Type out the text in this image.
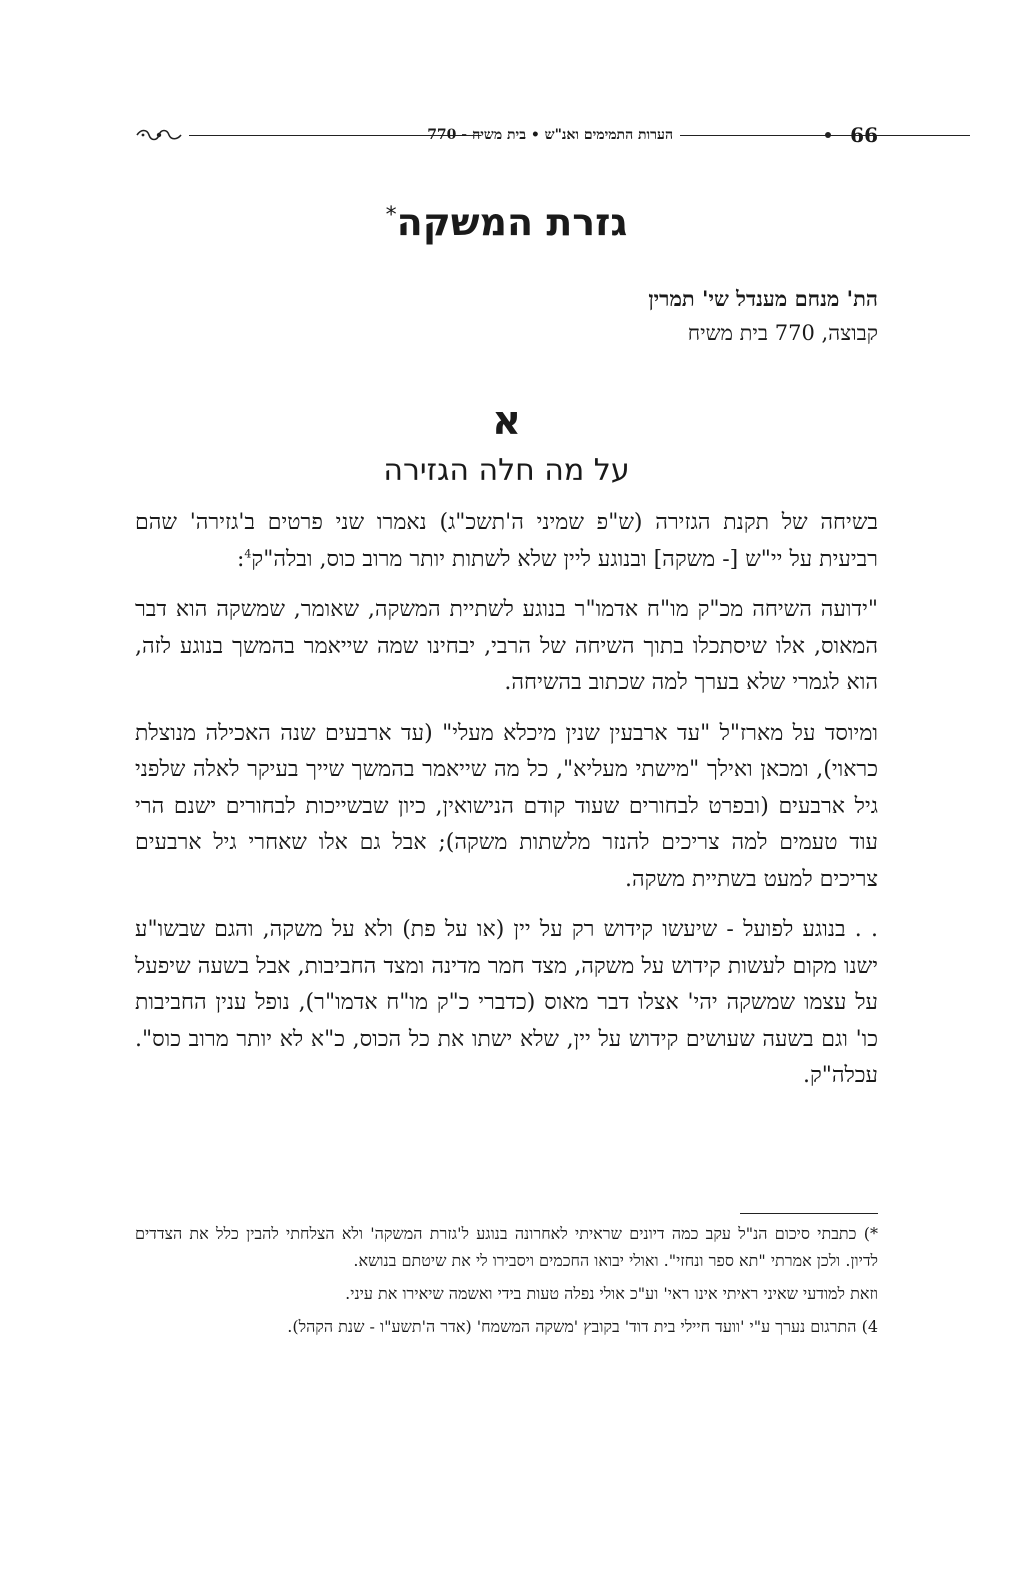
הערות התמימים ואנ"ש • בית משיח - 770	66
גזרת המשקה*
הת' מנחם מענדל שי' תמרין
קבוצה, 770 בית משיח
א
על מה חלה הגזירה

בשיחה של תקנת הגזירה (ש"פ שמיני ה'תשכ"ג) נאמרו שני פרטים ב'גזירה' שהם רביעית על יי"ש [- משקה] ובנוגע ליין שלא לשתות יותר מרוב כוס, ובלה"ק$^4$:

"ידועה השיחה מכ"ק מו"ח אדמו"ר בנוגע לשתיית המשקה, שאומר, שמשקה הוא דבר המאוס, אלו שיסתכלו בתוך השיחה של הרבי, יבחינו שמה שייאמר בהמשך בנוגע לזה, הוא לגמרי שלא בערך למה שכתוב בהשיחה.

ומיוסד על מארז"ל "עד ארבעין שנין מיכלא מעלי" (עד ארבעים שנה האכילה מנוצלת כראוי), ומכאן ואילך "מישתי מעליא", כל מה שייאמר בהמשך שייך בעיקר לאלה שלפני גיל ארבעים (ובפרט לבחורים שעוד קודם הנישואין, כיון שבשייכות לבחורים ישנם הרי עוד טעמים למה צריכים להנזר מלשתות משקה); אבל גם אלו שאחרי גיל ארבעים צריכים למעט בשתיית משקה.

. . בנוגע לפועל - שיעשו קידוש רק על יין (או על פת) ולא על משקה, והגם שבשו"ע ישנו מקום לעשות קידוש על משקה, מצד חמר מדינה ומצד החביבות, אבל בשעה שיפעל על עצמו שמשקה יהי' אצלו דבר מאוס (כדברי כ"ק מו"ח אדמו"ר), נופל ענין החביבות כו' וגם בשעה שעושים קידוש על יין, שלא ישתו את כל הכוס, כ"א לא יותר מרוב כוס". עכלה"ק.

*) כתבתי סיכום הנ"ל עקב כמה דיונים שראיתי לאחרונה בנוגע ל'גזרת המשקה' ולא הצלחתי להבין כלל את הצדדים לדיון. ולכן אמרתי "תא ספר ונחזי". ואולי יבואו החכמים ויסבירו לי את שיטתם בנושא.

וזאת למודעי שאיני ראיתי אינו ראי' וע"כ אולי נפלה טעות בידי ואשמה שיאירו את עיני.

4) התרגום נערך ע"י 'וועד חיילי בית דוד' בקובץ 'משקה המשמח' (אדר ה'תשע"ו - שנת הקהל).
